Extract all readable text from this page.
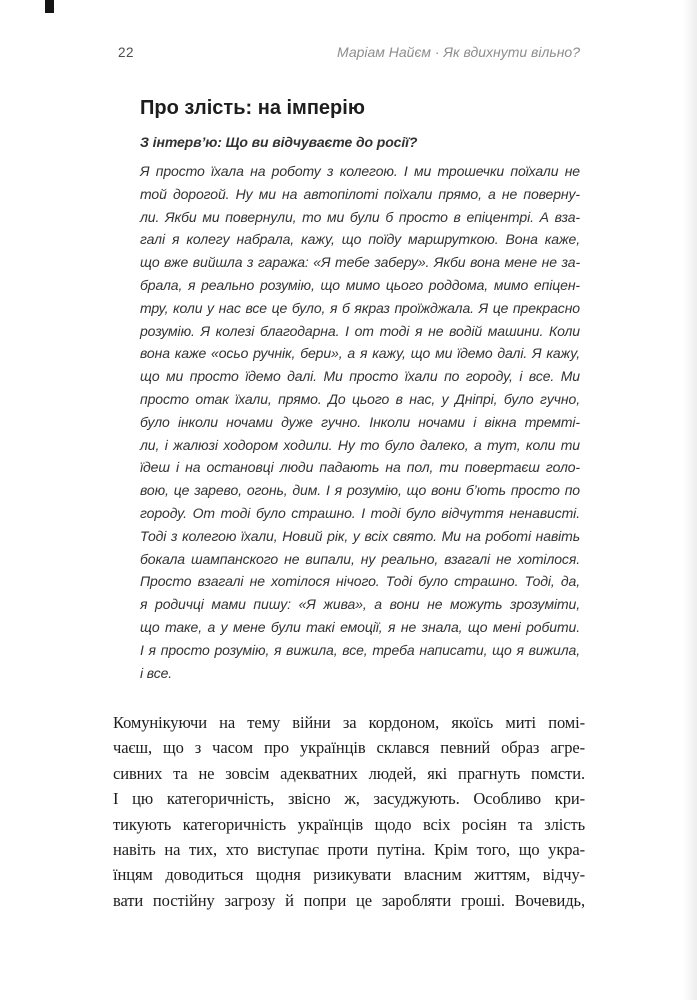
22	Маріам Найєм · Як вдихнути вільно?
Про злість: на імперію
З інтерв’ю: Що ви відчуваєте до росії?
Я просто їхала на роботу з колегою. І ми трошечки поїхали не
той дорогой. Ну ми на автопілоті поїхали прямо, а не поверну-
ли. Якби ми повернули, то ми були б просто в епіцентрі. А вза-
галі я колегу набрала, кажу, що поїду маршруткою. Вона каже,
що вже вийшла з гаража: «Я тебе заберу». Якби вона мене не за-
брала, я реально розумію, що мимо цього роддома, мимо епіцен-
тру, коли у нас все це було, я б якраз проїжджала. Я це прекрасно
розумію. Я колезі благодарна. І от тоді я не водій машини. Коли
вона каже «осьо ручнік, бери», а я кажу, що ми їдемо далі. Я кажу,
що ми просто їдемо далі. Ми просто їхали по городу, і все. Ми
просто отак їхали, прямо. До цього в нас, у Дніпрі, було гучно,
було інколи ночами дуже гучно. Інколи ночами і вікна тремті-
ли, і жалюзі ходором ходили. Ну то було далеко, а тут, коли ти
їдеш і на остановці люди падають на пол, ти повертаєш голо-
вою, це зарево, огонь, дим. І я розумію, що вони б’ють просто по
городу. От тоді було страшно. І тоді було відчуття ненависті.
Тоді з колегою їхали, Новий рік, у всіх свято. Ми на роботі навіть
бокала шампанского не випали, ну реально, взагалі не хотілося.
Просто взагалі не хотілося нічого. Тоді було страшно. Тоді, да,
я родичці мами пишу: «Я жива», а вони не можуть зрозуміти,
що таке, а у мене були такі емоції, я не знала, що мені робити.
І я просто розумію, я вижила, все, треба написати, що я вижила,
і все.
Комунікуючи на тему війни за кордоном, якоїсь миті помі-
чаєш, що з часом про українців склався певний образ агре-
сивних та не зовсім адекватних людей, які прагнуть помсти.
І цю категоричність, звісно ж, засуджують. Особливо кри-
тикують категоричність українців щодо всіх росіян та злість
навіть на тих, хто виступає проти путіна. Крім того, що укра-
їнцям доводиться щодня ризикувати власним життям, відчу-
вати постійну загрозу й попри це заробляти гроші. Вочевидь,
